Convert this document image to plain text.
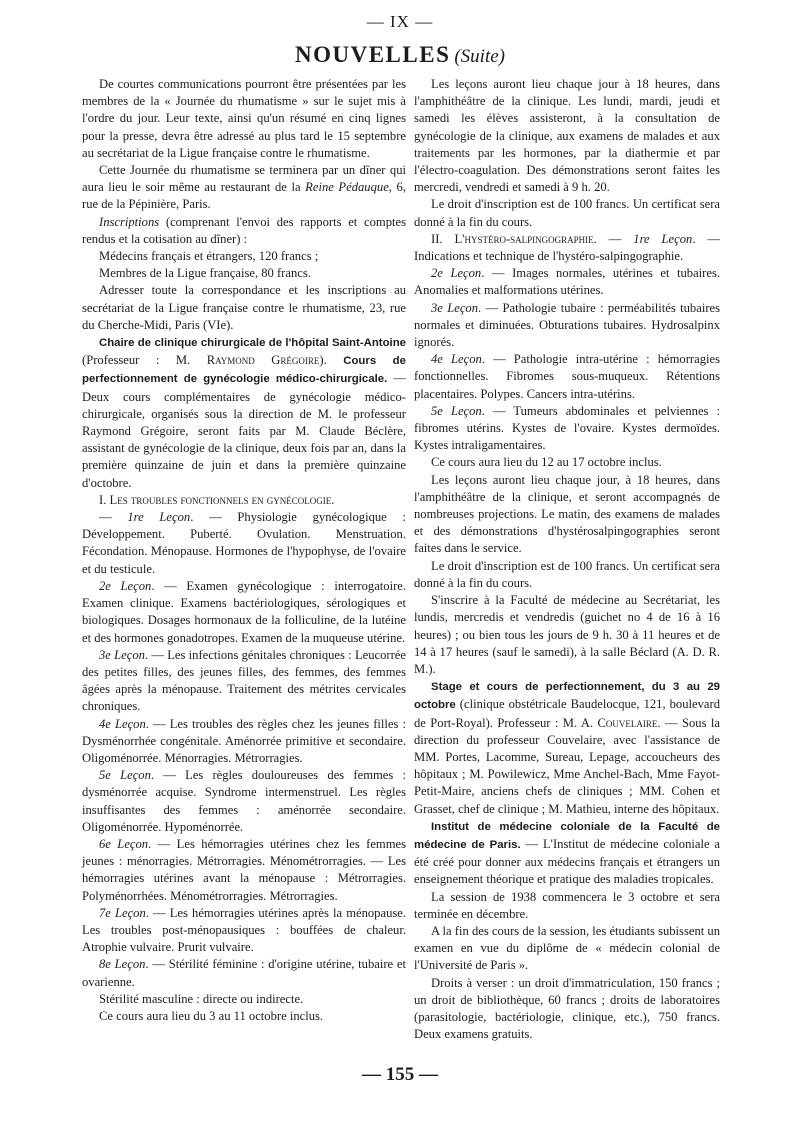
— IX —
NOUVELLES (Suite)

De courtes communications pourront être présentées par les membres de la « Journée du rhumatisme » sur le sujet mis à l'ordre du jour. Leur texte, ainsi qu'un résumé en cinq lignes pour la presse, devra être adressé au plus tard le 15 septembre au secrétariat de la Ligue française contre le rhumatisme.

Cette Journée du rhumatisme se terminera par un dîner qui aura lieu le soir même au restaurant de la Reine Pédauque, 6, rue de la Pépinière, Paris.

Inscriptions (comprenant l'envoi des rapports et comptes rendus et la cotisation au dîner) :

Médecins français et étrangers, 120 francs ;

Membres de la Ligue française, 80 francs.

Adresser toute la correspondance et les inscriptions au secrétariat de la Ligue française contre le rhumatisme, 23, rue du Cherche-Midi, Paris (VIe).

Chaire de clinique chirurgicale de l'hôpital Saint-Antoine (Professeur : M. Raymond Grégoire). Cours de perfectionnement de gynécologie médico-chirurgicale. — Deux cours complémentaires de gynécologie médico-chirurgicale, organisés sous la direction de M. le professeur Raymond Grégoire, seront faits par M. Claude Béclère, assistant de gynécologie de la clinique, deux fois par an, dans la première quinzaine de juin et dans la première quinzaine d'octobre.

I. Les troubles fonctionnels en gynécologie.

— 1re Leçon. — Physiologie gynécologique : Développement. Puberté. Ovulation. Menstruation. Fécondation. Ménopause. Hormones de l'hypophyse, de l'ovaire et du testicule.

2e Leçon. — Examen gynécologique : interrogatoire. Examen clinique. Examens bactériologiques, sérologiques et biologiques. Dosages hormonaux de la folliculine, de la lutéine et des hormones gonadotropes. Examen de la muqueuse utérine.

3e Leçon. — Les infections génitales chroniques : Leucorrée des petites filles, des jeunes filles, des femmes, des femmes âgées après la ménopause. Traitement des métrites cervicales chroniques.

4e Leçon. — Les troubles des règles chez les jeunes filles : Dysménorrhée congénitale. Aménorrée primitive et secondaire. Oligoménorrée. Ménorragies. Métrorragies.

5e Leçon. — Les règles douloureuses des femmes : dysménorrée acquise. Syndrome intermenstruel. Les règles insuffisantes des femmes : aménorrée secondaire. Oligoménorrée. Hypoménorrée.

6e Leçon. — Les hémorragies utérines chez les femmes jeunes : ménorragies. Métrorragies. Ménométrorragies. — Les hémorragies utérines avant la ménopause : Métrorragies. Polyménorrhées. Ménométrorragies. Métrorragies.

7e Leçon. — Les hémorragies utérines après la ménopause. Les troubles post-ménopausiques : bouffées de chaleur. Atrophie vulvaire. Prurit vulvaire.

8e Leçon. — Stérilité féminine : d'origine utérine, tubaire et ovarienne.

Stérilité masculine : directe ou indirecte.

Ce cours aura lieu du 3 au 11 octobre inclus.

Les leçons auront lieu chaque jour à 18 heures, dans l'amphithéâtre de la clinique. Les lundi, mardi, jeudi et samedi les élèves assisteront, à la consultation de gynécologie de la clinique, aux examens de malades et aux traitements par les hormones, par la diathermie et par l'électro-coagulation. Des démonstrations seront faites les mercredi, vendredi et samedi à 9 h. 20.

Le droit d'inscription est de 100 francs. Un certificat sera donné à la fin du cours.

II. L'hystéro-salpingographie. — 1re Leçon. — Indications et technique de l'hystéro-salpingographie.

2e Leçon. — Images normales, utérines et tubaires. Anomalies et malformations utérines.

3e Leçon. — Pathologie tubaire : perméabilités tubaires normales et diminuées. Obturations tubaires. Hydrosalpinx ignorés.

4e Leçon. — Pathologie intra-utérine : hémorragies fonctionnelles. Fibromes sous-muqueux. Rétentions placentaires. Polypes. Cancers intra-utérins.

5e Leçon. — Tumeurs abdominales et pelviennes : fibromes utérins. Kystes de l'ovaire. Kystes dermoïdes. Kystes intraligamentaires.

Ce cours aura lieu du 12 au 17 octobre inclus.

Les leçons auront lieu chaque jour, à 18 heures, dans l'amphithéâtre de la clinique, et seront accompagnés de nombreuses projections. Le matin, des examens de malades et des démonstrations d'hystérosalpingographies seront faites dans le service.

Le droit d'inscription est de 100 francs. Un certificat sera donné à la fin du cours.

S'inscrire à la Faculté de médecine au Secrétariat, les lundis, mercredis et vendredis (guichet no 4 de 16 à 16 heures) ; ou bien tous les jours de 9 h. 30 à 11 heures et de 14 à 17 heures (sauf le samedi), à la salle Béclard (A. D. R. M.).

Stage et cours de perfectionnement, du 3 au 29 octobre (clinique obstétricale Baudelocque, 121, boulevard de Port-Royal). Professeur : M. A. Couvelaire. — Sous la direction du professeur Couvelaire, avec l'assistance de MM. Portes, Lacomme, Sureau, Lepage, accoucheurs des hôpitaux ; M. Powilewicz, Mme Anchel-Bach, Mme Fayot-Petit-Maire, anciens chefs de cliniques ; MM. Cohen et Grasset, chef de clinique ; M. Mathieu, interne des hôpitaux.

Institut de médecine coloniale de la Faculté de médecine de Paris. — L'Institut de médecine coloniale a été créé pour donner aux médecins français et étrangers un enseignement théorique et pratique des maladies tropicales.

La session de 1938 commencera le 3 octobre et sera terminée en décembre.

A la fin des cours de la session, les étudiants subissent un examen en vue du diplôme de « médecin colonial de l'Université de Paris ».

Droits à verser : un droit d'immatriculation, 150 francs ; un droit de bibliothèque, 60 francs ; droits de laboratoires (parasitologie, bactériologie, clinique, etc.), 750 francs. Deux examens gratuits.

— 155 —
